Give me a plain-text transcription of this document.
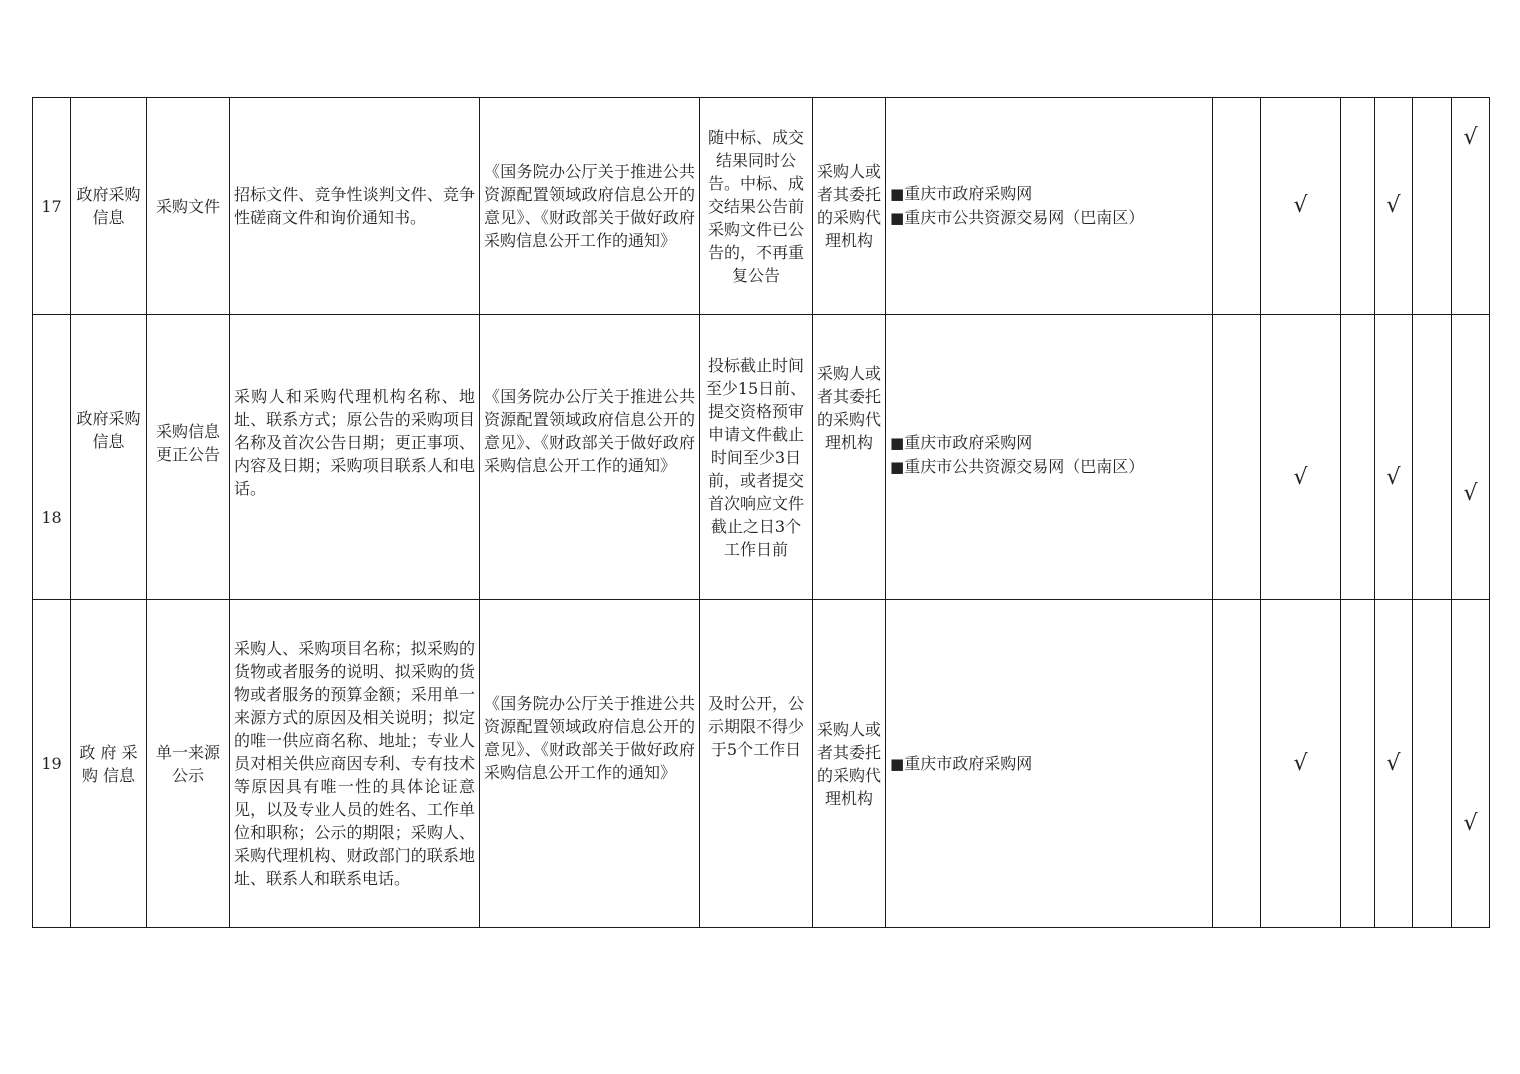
17	政府采购信息	采购文件	招标文件、竞争性谈判文件、竞争性磋商文件和询价通知书。	《国务院办公厅关于推进公共资源配置领域政府信息公开的意见》、《财政部关于做好政府采购信息公开工作的通知》	随中标、成交结果同时公告。中标、成交结果公告前采购文件已公告的，不再重复公告	采购人或者其委托的采购代理机构	■重庆市政府采购网
■重庆市公共资源交易网（巴南区）		√		√		√

18	政府采购信息	采购信息更正公告	采购人和采购代理机构名称、地址、联系方式；原公告的采购项目名称及首次公告日期；更正事项、内容及日期；采购项目联系人和电话。	《国务院办公厅关于推进公共资源配置领域政府信息公开的意见》、《财政部关于做好政府采购信息公开工作的通知》	投标截止时间至少15日前、提交资格预审申请文件截止时间至少3日前，或者提交首次响应文件截止之日3个工作日前	采购人或者其委托的采购代理机构	■重庆市政府采购网
■重庆市公共资源交易网（巴南区）		√		√		√

19	政 府 采 购 信息	单一来源公示	采购人、采购项目名称；拟采购的货物或者服务的说明、拟采购的货物或者服务的预算金额；采用单一来源方式的原因及相关说明；拟定的唯一供应商名称、地址；专业人员对相关供应商因专利、专有技术等原因具有唯一性的具体论证意见，以及专业人员的姓名、工作单位和职称；公示的期限；采购人、采购代理机构、财政部门的联系地址、联系人和联系电话。	《国务院办公厅关于推进公共资源配置领域政府信息公开的意见》、《财政部关于做好政府采购信息公开工作的通知》	及时公开，公示期限不得少于5个工作日	采购人或者其委托的采购代理机构	■重庆市政府采购网		√		√		√
